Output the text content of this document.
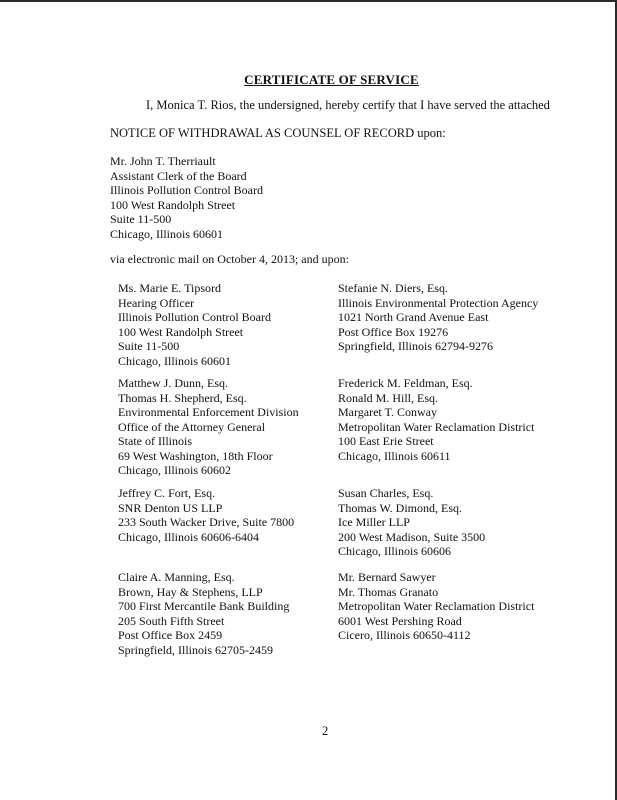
CERTIFICATE OF SERVICE
I, Monica T. Rios, the undersigned, hereby certify that I have served the attached
NOTICE OF WITHDRAWAL AS COUNSEL OF RECORD upon:
Mr. John T. Therriault
Assistant Clerk of the Board
Illinois Pollution Control Board
100 West Randolph Street
Suite 11-500
Chicago, Illinois 60601
via electronic mail on October 4, 2013; and upon:
Ms. Marie E. Tipsord
Hearing Officer
Illinois Pollution Control Board
100 West Randolph Street
Suite 11-500
Chicago, Illinois 60601
Matthew J. Dunn, Esq.
Thomas H. Shepherd, Esq.
Environmental Enforcement Division
Office of the Attorney General
State of Illinois
69 West Washington, 18th Floor
Chicago, Illinois 60602
Jeffrey C. Fort, Esq.
SNR Denton US LLP
233 South Wacker Drive, Suite 7800
Chicago, Illinois 60606-6404
Claire A. Manning, Esq.
Brown, Hay & Stephens, LLP
700 First Mercantile Bank Building
205 South Fifth Street
Post Office Box 2459
Springfield, Illinois 62705-2459
Stefanie N. Diers, Esq.
Illinois Environmental Protection Agency
1021 North Grand Avenue East
Post Office Box 19276
Springfield, Illinois 62794-9276
Frederick M. Feldman, Esq.
Ronald M. Hill, Esq.
Margaret T. Conway
Metropolitan Water Reclamation District
100 East Erie Street
Chicago, Illinois 60611
Susan Charles, Esq.
Thomas W. Dimond, Esq.
Ice Miller LLP
200 West Madison, Suite 3500
Chicago, Illinois 60606
Mr. Bernard Sawyer
Mr. Thomas Granato
Metropolitan Water Reclamation District
6001 West Pershing Road
Cicero, Illinois 60650-4112
2
